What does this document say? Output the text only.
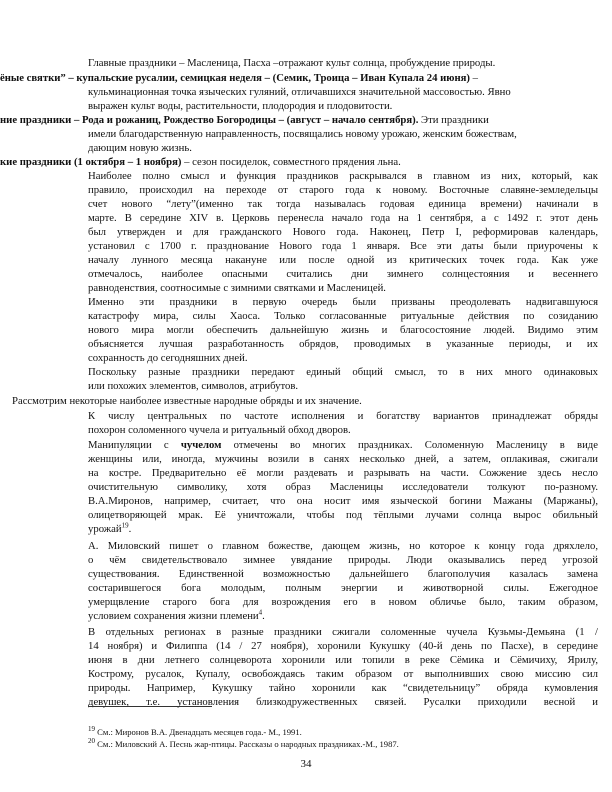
Главные праздники – Масленица, Пасха –отражают культ солнца, пробуждение природы.

ёные святки” – купальские русалии, семицкая неделя – (Семик, Троица – Иван Купала 24 июня) –

кульминационная точка языческих гуляний, отличавшихся значительной массовостью. Явно

выражен культ воды, растительности, плодородия и плодовитости.

ние праздники – Рода и рожаниц, Рождество Богородицы – (август – начало сентября). Эти праздники

имели благодарственную направленность, посвящались новому урожаю, женским божествам,

дающим новую жизнь.

кие праздники (1 октября – 1 ноября) – сезон посиделок, совместного прядения льна.

Наиболее полно смысл и функция праздников раскрывался в главном из них, который, как

правило, происходил на переходе от старого года к новому. Восточные славяне-земледельцы

счет нового “лету”(именно так тогда называлась годовая единица времени) начинали в

марте. В середине XIV в. Церковь перенесла начало года на 1 сентября, а с 1492 г. этот день

был утвержден и для гражданского Нового года. Наконец, Петр I, реформировав календарь,

установил с 1700 г. празднование Нового года 1 января. Все эти даты были приурочены к

началу лунного месяца накануне или после одной из критических точек года. Как уже

отмечалось, наиболее опасными считались дни зимнего солнцестояния и весеннего

равноденствия, соотносимые с зимними святками и Масленицей.

Именно эти праздники в первую очередь были призваны преодолевать надвигавшуюся

катастрофу мира, силы Хаоса. Только согласованные ритуальные действия по созиданию

нового мира могли обеспечить дальнейшую жизнь и благосостояние людей. Видимо этим

объясняется лучшая разработанность обрядов, проводимых в указанные периоды, и их

сохранность до сегодняшних дней.

Поскольку разные праздники передают единый общий смысл, то в них много одинаковых

или похожих элементов, символов, атрибутов.

Рассмотрим некоторые наиболее известные народные обряды и их значение.

К числу центральных по частоте исполнения и богатству вариантов принадлежат обряды

похорон соломенного чучела и ритуальный обход дворов.

Манипуляции с чучелом отмечены во многих праздниках. Соломенную Масленицу в виде

женщины или, иногда, мужчины возили в санях несколько дней, а затем, оплакивая, сжигали

на костре. Предварительно её могли раздевать и разрывать на части. Сожжение здесь несло

очистительную символику, хотя образ Масленицы исследователи толкуют по-разному.

В.А.Миронов, например, считает, что она носит имя языческой богини Мажаны (Маржаны),

олицетворяющей мрак. Её уничтожали, чтобы под тёплыми лучами солнца вырос обильный

урожай$^{19}$.

А. Миловский пишет о главном божестве, дающем жизнь, но которое к концу года дряхлело,

о чём свидетельствовало зимнее увядание природы. Люди оказывались перед угрозой

существования. Единственной возможностью дальнейшего благополучия казалась замена

состарившегося бога молодым, полным энергии и животворной силы. Ежегодное

умерщвление старого бога для возрождения его в новом обличье было, таким образом,

условием сохранения жизни племени$^4$.

В отдельных регионах в разные праздники сжигали соломенные чучела Кузьмы-Демьяна (1 /

14 ноября) и Филиппа (14 / 27 ноября), хоронили Кукушку (40-й день по Пасхе), в середине

июня в дни летнего солнцеворота хоронили или топили в реке Сёмика и Сёмичиху, Ярилу,

Кострому, русалок, Купалу, освобождаясь таким образом от выполнивших свою миссию сил

природы. Например, Кукушку тайно хоронили как “свидетельницу” обряда кумовления

девушек, т.е. установления близкодружественных связей. Русалки приходили весной и

$^{19}$ См.: Миронов В.А. Двенадцать месяцев года.- М., 1991.

$^{20}$ См.: Миловский А. Песнь жар-птицы. Рассказы о народных праздниках.-М., 1987.

34
